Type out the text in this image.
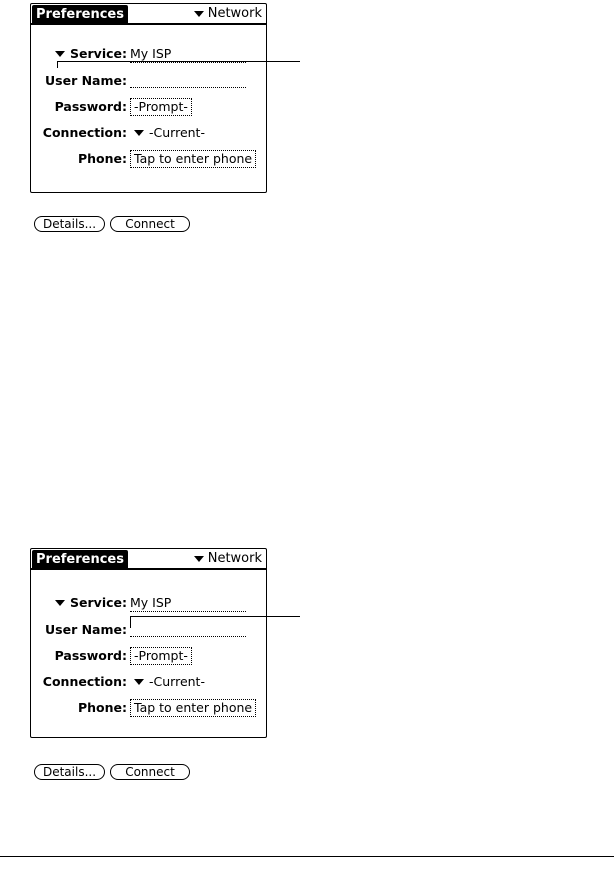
Preferences	Network
Service: My ISP
User Name:
Password: -Prompt-
Connection: -Current-
Phone: Tap to enter phone
Details...	Connect
Preferences	Network
Service: My ISP
User Name:
Password: -Prompt-
Connection: -Current-
Phone: Tap to enter phone
Details...	Connect
